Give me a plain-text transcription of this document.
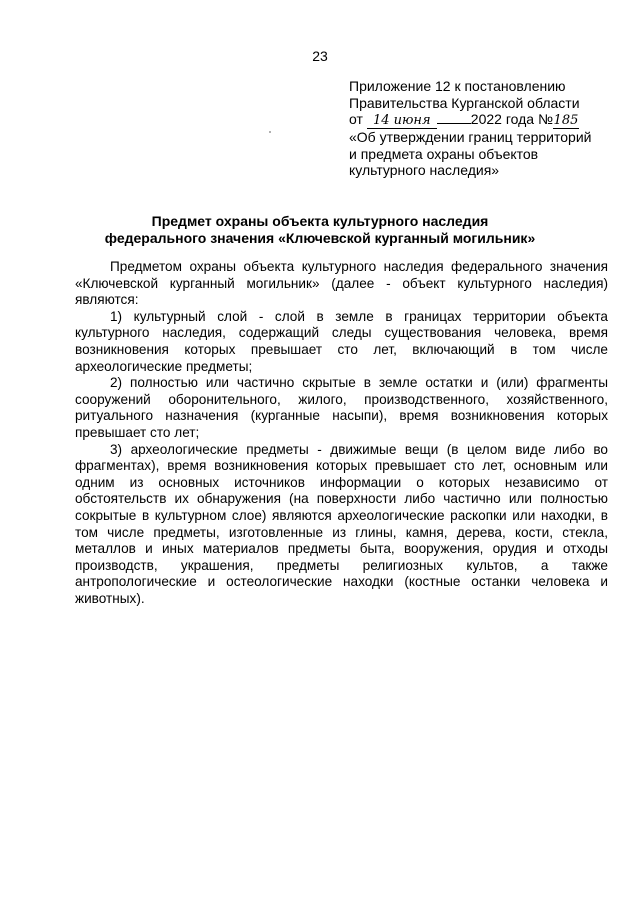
23
Приложение 12 к постановлению
Правительства Курганской области
от 14 июня	2022 года №185
«Об утверждении границ территорий
и предмета охраны объектов
культурного наследия»
Предмет охраны объекта культурного наследия
федерального значения «Ключевской курганный могильник»

Предметом охраны объекта культурного наследия федерального значения «Ключевской курганный могильник» (далее - объект культурного наследия) являются:

1) культурный слой - слой в земле в границах территории объекта культурного наследия, содержащий следы существования человека, время возникновения которых превышает сто лет, включающий в том числе археологические предметы;

2) полностью или частично скрытые в земле остатки и (или) фрагменты сооружений оборонительного, жилого, производственного, хозяйственного, ритуального назначения (курганные насыпи), время возникновения которых превышает сто лет;

3) археологические предметы - движимые вещи (в целом виде либо во фрагментах), время возникновения которых превышает сто лет, основным или одним из основных источников информации о которых независимо от обстоятельств их обнаружения (на поверхности либо частично или полностью сокрытые в культурном слое) являются археологические раскопки или находки, в том числе предметы, изготовленные из глины, камня, дерева, кости, стекла, металлов и иных материалов предметы быта, вооружения, орудия и отходы производств, украшения, предметы религиозных культов, а также антропологические и остеологические находки (костные останки человека и животных).
